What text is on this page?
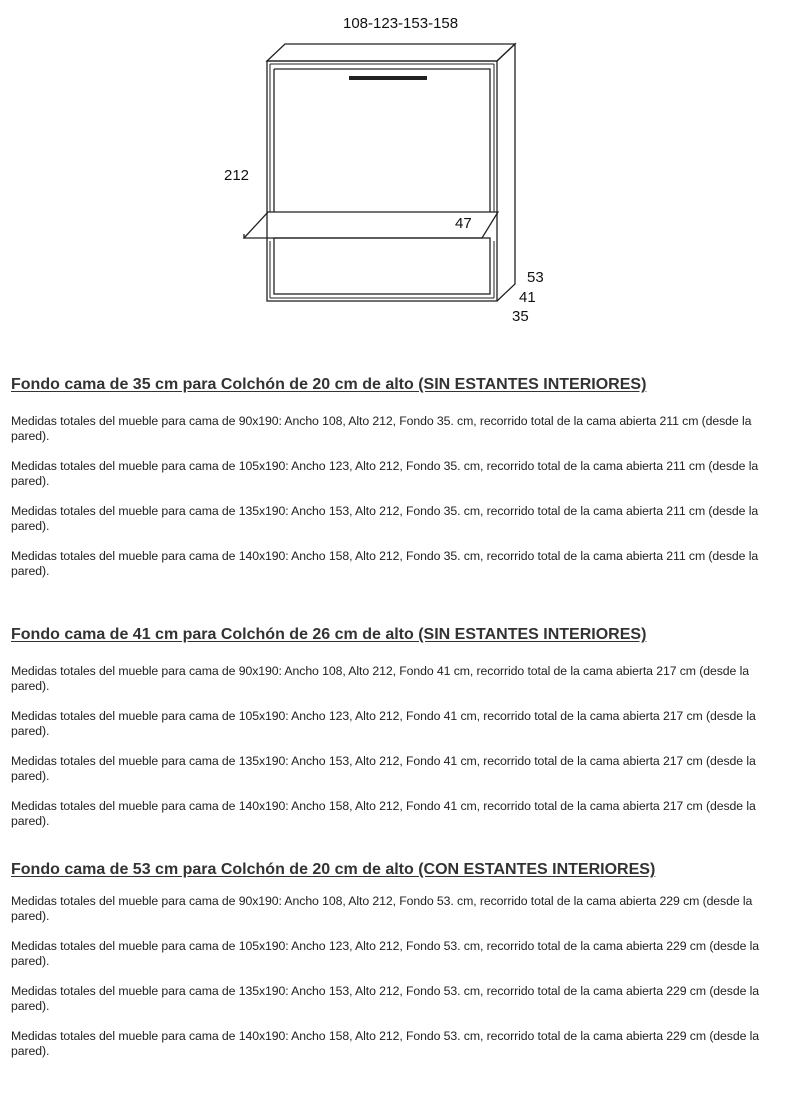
108-123-153-158
212
47
53
41
35
Fondo cama de 35 cm para Colchón de 20 cm de alto (SIN ESTANTES INTERIORES)

Medidas totales del mueble para cama de 90x190: Ancho 108, Alto 212, Fondo 35. cm, recorrido total de la cama abierta 211 cm (desde la pared).

Medidas totales del mueble para cama de 105x190: Ancho 123, Alto 212, Fondo 35. cm, recorrido total de la cama abierta 211 cm (desde la pared).

Medidas totales del mueble para cama de 135x190: Ancho 153, Alto 212, Fondo 35. cm, recorrido total de la cama abierta 211 cm (desde la pared).

Medidas totales del mueble para cama de 140x190: Ancho 158, Alto 212, Fondo 35. cm, recorrido total de la cama abierta 211 cm (desde la pared).

Fondo cama de 41 cm para Colchón de 26 cm de alto (SIN ESTANTES INTERIORES)

Medidas totales del mueble para cama de 90x190: Ancho 108, Alto 212, Fondo 41 cm, recorrido total de la cama abierta 217 cm (desde la pared).

Medidas totales del mueble para cama de 105x190: Ancho 123, Alto 212, Fondo 41 cm, recorrido total de la cama abierta 217 cm (desde la pared).

Medidas totales del mueble para cama de 135x190: Ancho 153, Alto 212, Fondo 41 cm, recorrido total de la cama abierta 217 cm (desde la pared).

Medidas totales del mueble para cama de 140x190: Ancho 158, Alto 212, Fondo 41 cm, recorrido total de la cama abierta 217 cm (desde la pared).

Fondo cama de 53 cm para Colchón de 20 cm de alto (CON ESTANTES INTERIORES)

Medidas totales del mueble para cama de 90x190: Ancho 108, Alto 212, Fondo 53. cm, recorrido total de la cama abierta 229 cm (desde la pared).

Medidas totales del mueble para cama de 105x190: Ancho 123, Alto 212, Fondo 53. cm, recorrido total de la cama abierta 229 cm (desde la pared).

Medidas totales del mueble para cama de 135x190: Ancho 153, Alto 212, Fondo 53. cm, recorrido total de la cama abierta 229 cm (desde la pared).

Medidas totales del mueble para cama de 140x190: Ancho 158, Alto 212, Fondo 53. cm, recorrido total de la cama abierta 229 cm (desde la pared).
